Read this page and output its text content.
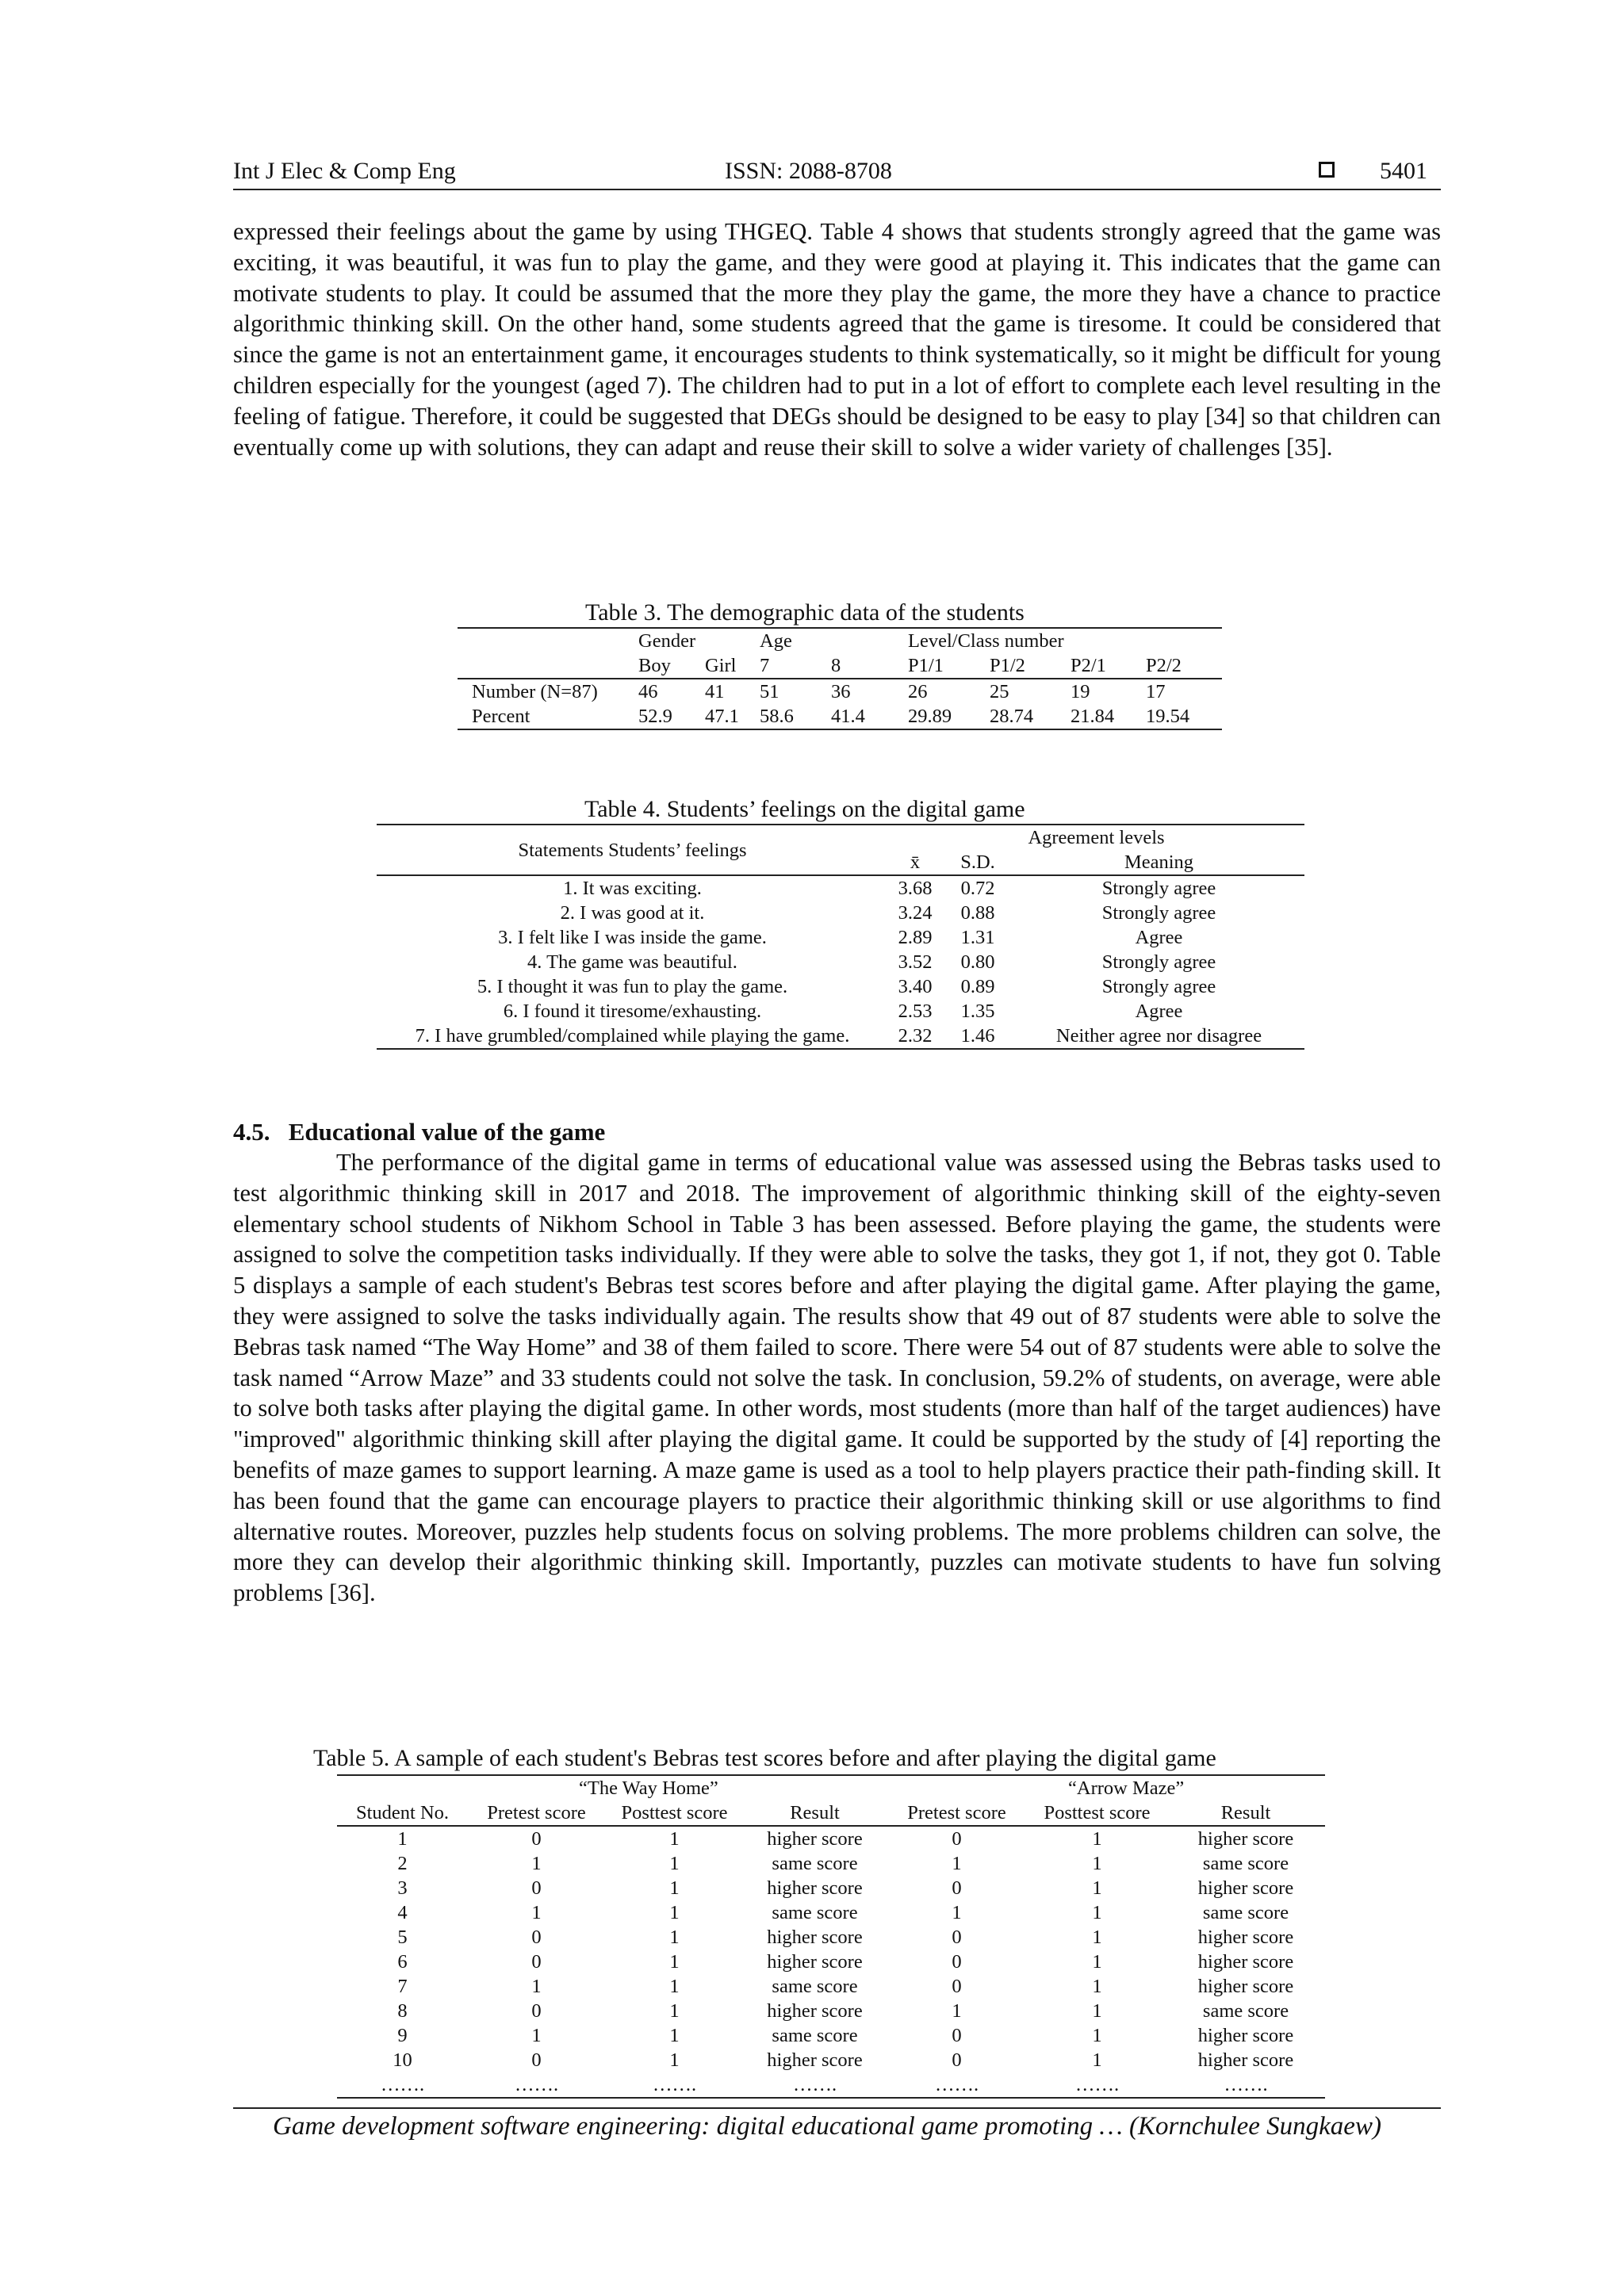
Int J Elec & Comp Eng	ISSN: 2088-8708	5401

expressed their feelings about the game by using THGEQ. Table 4 shows that students strongly agreed that the game was exciting, it was beautiful, it was fun to play the game, and they were good at playing it. This indicates that the game can motivate students to play. It could be assumed that the more they play the game, the more they have a chance to practice algorithmic thinking skill. On the other hand, some students agreed that the game is tiresome. It could be considered that since the game is not an entertainment game, it encourages students to think systematically, so it might be difficult for young children especially for the youngest (aged 7). The children had to put in a lot of effort to complete each level resulting in the feeling of fatigue. Therefore, it could be suggested that DEGs should be designed to be easy to play [34] so that children can eventually come up with solutions, they can adapt and reuse their skill to solve a wider variety of challenges [35].

Table 3. The demographic data of the students
	Gender		Age		Level/Class number			
	Boy	Girl	7	8	P1/1	P1/2	P2/1	P2/2
Number (N=87)	46	41	51	36	26	25	19	17
Percent	52.9	47.1	58.6	41.4	29.89	28.74	21.84	19.54
Table 4. Students’ feelings on the digital game
Statements Students’ feelings	Agreement levels		
	x̄	S.D.	Meaning
1. It was exciting.	3.68	0.72	Strongly agree
2. I was good at it.	3.24	0.88	Strongly agree
3. I felt like I was inside the game.	2.89	1.31	Agree
4. The game was beautiful.	3.52	0.80	Strongly agree
5. I thought it was fun to play the game.	3.40	0.89	Strongly agree
6. I found it tiresome/exhausting.	2.53	1.35	Agree
7. I have grumbled/complained while playing the game.	2.32	1.46	Neither agree nor disagree
4.5.   Educational value of the game

The performance of the digital game in terms of educational value was assessed using the Bebras tasks used to test algorithmic thinking skill in 2017 and 2018. The improvement of algorithmic thinking skill of the eighty-seven elementary school students of Nikhom School in Table 3 has been assessed. Before playing the game, the students were assigned to solve the competition tasks individually. If they were able to solve the tasks, they got 1, if not, they got 0. Table 5 displays a sample of each student's Bebras test scores before and after playing the digital game. After playing the game, they were assigned to solve the tasks individually again. The results show that 49 out of 87 students were able to solve the Bebras task named “The Way Home” and 38 of them failed to score. There were 54 out of 87 students were able to solve the task named “Arrow Maze” and 33 students could not solve the task. In conclusion, 59.2% of students, on average, were able to solve both tasks after playing the digital game. In other words, most students (more than half of the target audiences) have "improved" algorithmic thinking skill after playing the digital game. It could be supported by the study of [4] reporting the benefits of maze games to support learning. A maze game is used as a tool to help players practice their path-finding skill. It has been found that the game can encourage players to practice their algorithmic thinking skill or use algorithms to find alternative routes. Moreover, puzzles help students focus on solving problems. The more problems children can solve, the more they can develop their algorithmic thinking skill. Importantly, puzzles can motivate students to have fun solving problems [36].

Table 5. A sample of each student's Bebras test scores before and after playing the digital game
	“The Way Home”			“Arrow Maze”		
Student No.	Pretest score	Posttest score	Result	Pretest score	Posttest score	Result
1	0	1	higher score	0	1	higher score
2	1	1	same score	1	1	same score
3	0	1	higher score	0	1	higher score
4	1	1	same score	1	1	same score
5	0	1	higher score	0	1	higher score
6	0	1	higher score	0	1	higher score
7	1	1	same score	0	1	higher score
8	0	1	higher score	1	1	same score
9	1	1	same score	0	1	higher score
10	0	1	higher score	0	1	higher score
…….	…….	…….	…….	…….	…….	…….
Game development software engineering: digital educational game promoting … (Kornchulee Sungkaew)
